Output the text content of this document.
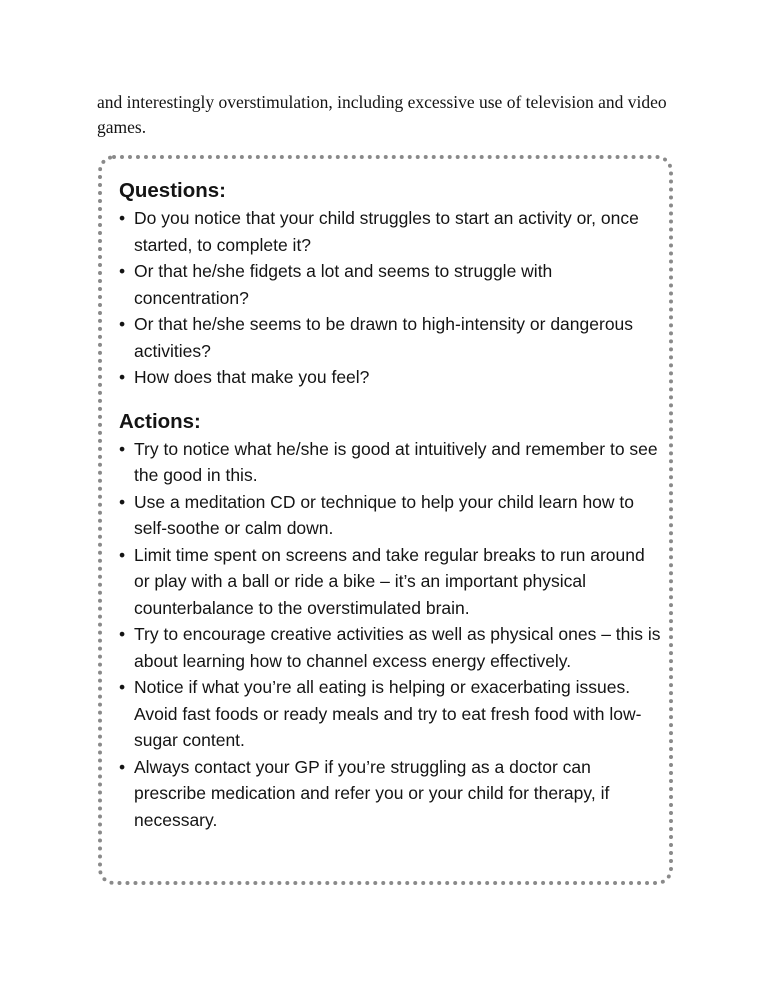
and interestingly overstimulation, including excessive use of television and video games.

Questions:
• Do you notice that your child struggles to start an activity or, once started, to complete it?
• Or that he/she fidgets a lot and seems to struggle with concentration?
• Or that he/she seems to be drawn to high-intensity or dangerous activities?
• How does that make you feel?
Actions:
• Try to notice what he/she is good at intuitively and remember to see the good in this.
• Use a meditation CD or technique to help your child learn how to self-soothe or calm down.
• Limit time spent on screens and take regular breaks to run around or play with a ball or ride a bike – it’s an important physical counterbalance to the overstimulated brain.
• Try to encourage creative activities as well as physical ones – this is about learning how to channel excess energy effectively.
• Notice if what you’re all eating is helping or exacerbating issues. Avoid fast foods or ready meals and try to eat fresh food with low-sugar content.
• Always contact your GP if you’re struggling as a doctor can prescribe medication and refer you or your child for therapy, if necessary.
